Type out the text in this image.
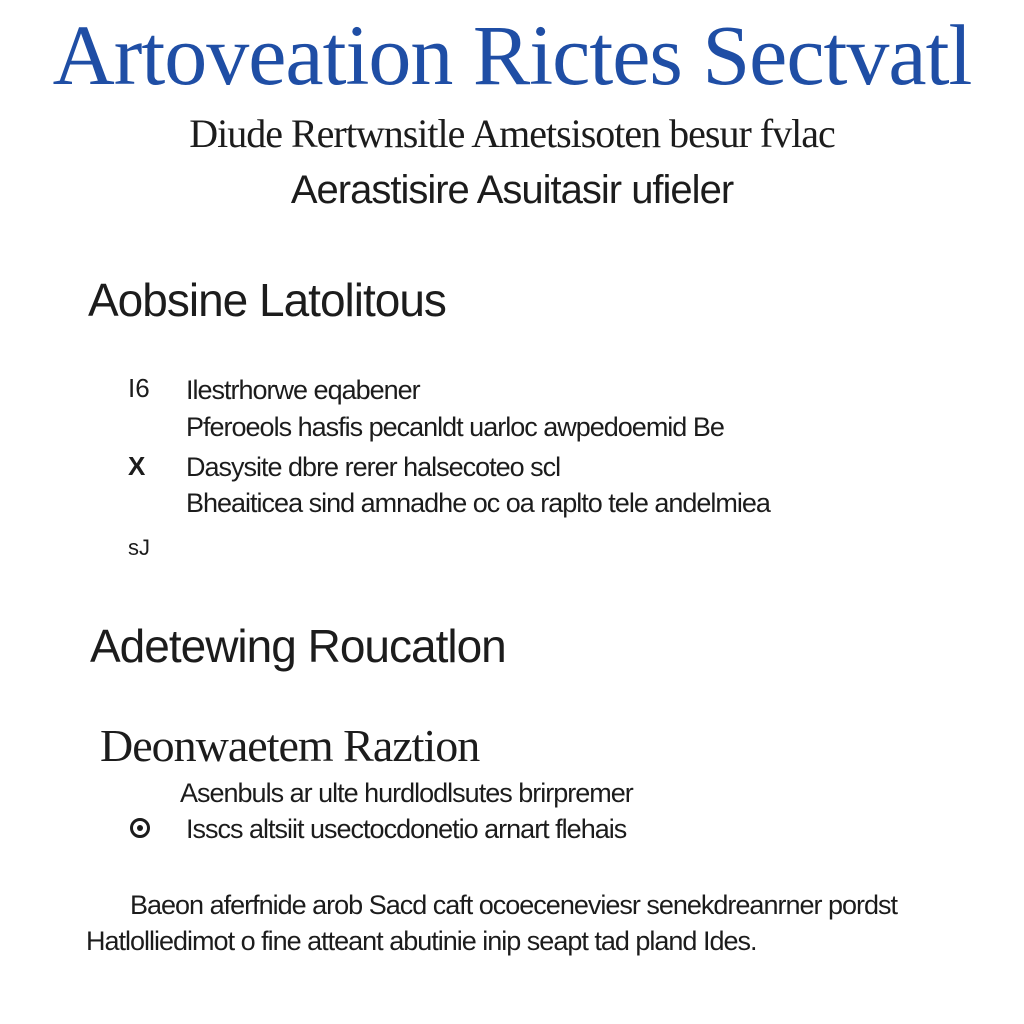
Artoveation Rictes Sectvatl
Diude Rertwnsitle Ametsisoten besur fvlac
Aerastisire Asuitasir ufieler
Aobsine Latolitous
I6 Ilestrhorwe eqabener
Pferoeols hasfis pecanldt uarloc awpedoemid Be
X Dasysite dbre rerer halsecoteo scl
Bheaiticea sind amnadhe oc oa raplto tele andelmiea
sJ
Adetewing Roucatlon
Deonwaetem Raztion
Asenbuls ar ulte hurdlodlsutes brirpremer
Isscs altsiit usectocdonetio arnart flehais
Baeon aferfnide arob Sacd caft ocoeceneviesr senekdreanrner pordst
Hatlolliedimot o fine atteant abutinie inip seapt tad pland Ides.
